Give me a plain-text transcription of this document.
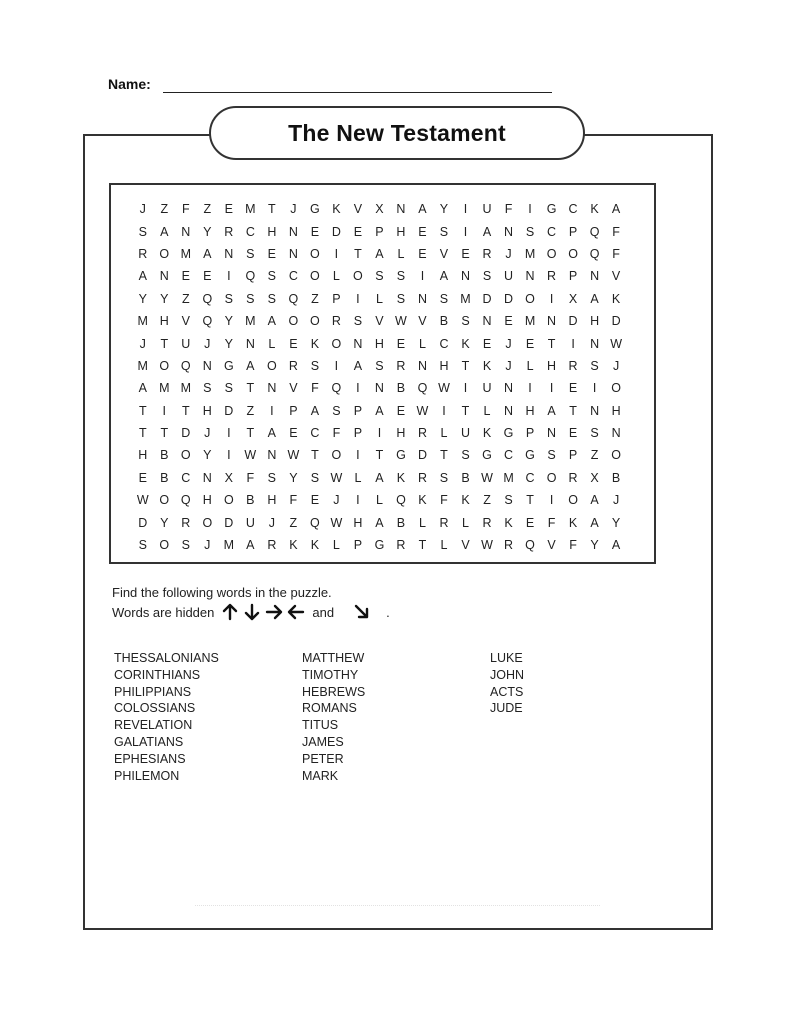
Name:
The New Testament
J	Z	F	Z	E M T	J	G K	V	X	N	A	Y	I	U	F	I	G C	K	A
S	A	N	Y	R C H N	E	D	E	P	H	E	S	I	A	N	S	C	P Q	F
R O M A	N	S	E	N O	I	T	A	L	E	V	E	R	J	M O O Q	F
A	N	E	E	I	Q S	C O	L	O S	S	I	A	N	S	U N R	P	N	V
Y	Y	Z	Q S	S	S Q	Z	P	I	L	S	N	S M D D O	I	X	A	K
M H	V Q Y M A O O R	S	V W V	B	S	N	E M N D H D
J	T	U	J	Y	N	L	E	K O N H	E	L	C	K	E	J	E	T	I	N W
M O Q N G A O R	S	I	A	S	R N H	T	K	J	L	H R	S	J
A M M S	S	T	N	V	F	Q	I	N	B Q W	I	U N	I	I	E	I	O
T	I	T	H D	Z	I	P	A	S	P	A	E W	I	T	L	N H	A	T	N H
T	T	D	J	I	T	A	E	C	F	P	I	H R	L	U	K G P	N	E	S	N
H	B O Y	I	W N W T	O	I	T	G D	T	S G C G S	P	Z	O
E	B	C N	X	F	S	Y	S W L	A	K	R	S	B W M C O R	X	B
W O Q H O B	H	F	E	J	I	L	Q K	F	K	Z	S	T	I	O A	J
D	Y	R O D U	J	Z	Q W H	A	B	L	R	L	R	K	E	F	K	A	Y
S O S	J	M A	R	K	K	L	P G R	T	L	V W R Q V	F	Y	A
Find the following words in the puzzle.
Words are hidden	and	.
THESSALONIANS
CORINTHIANS
PHILIPPIANS
COLOSSIANS
REVELATION
GALATIANS
EPHESIANS
PHILEMON
MATTHEW
TIMOTHY
HEBREWS
ROMANS
TITUS
JAMES
PETER
MARK
LUKE
JOHN
ACTS
JUDE
